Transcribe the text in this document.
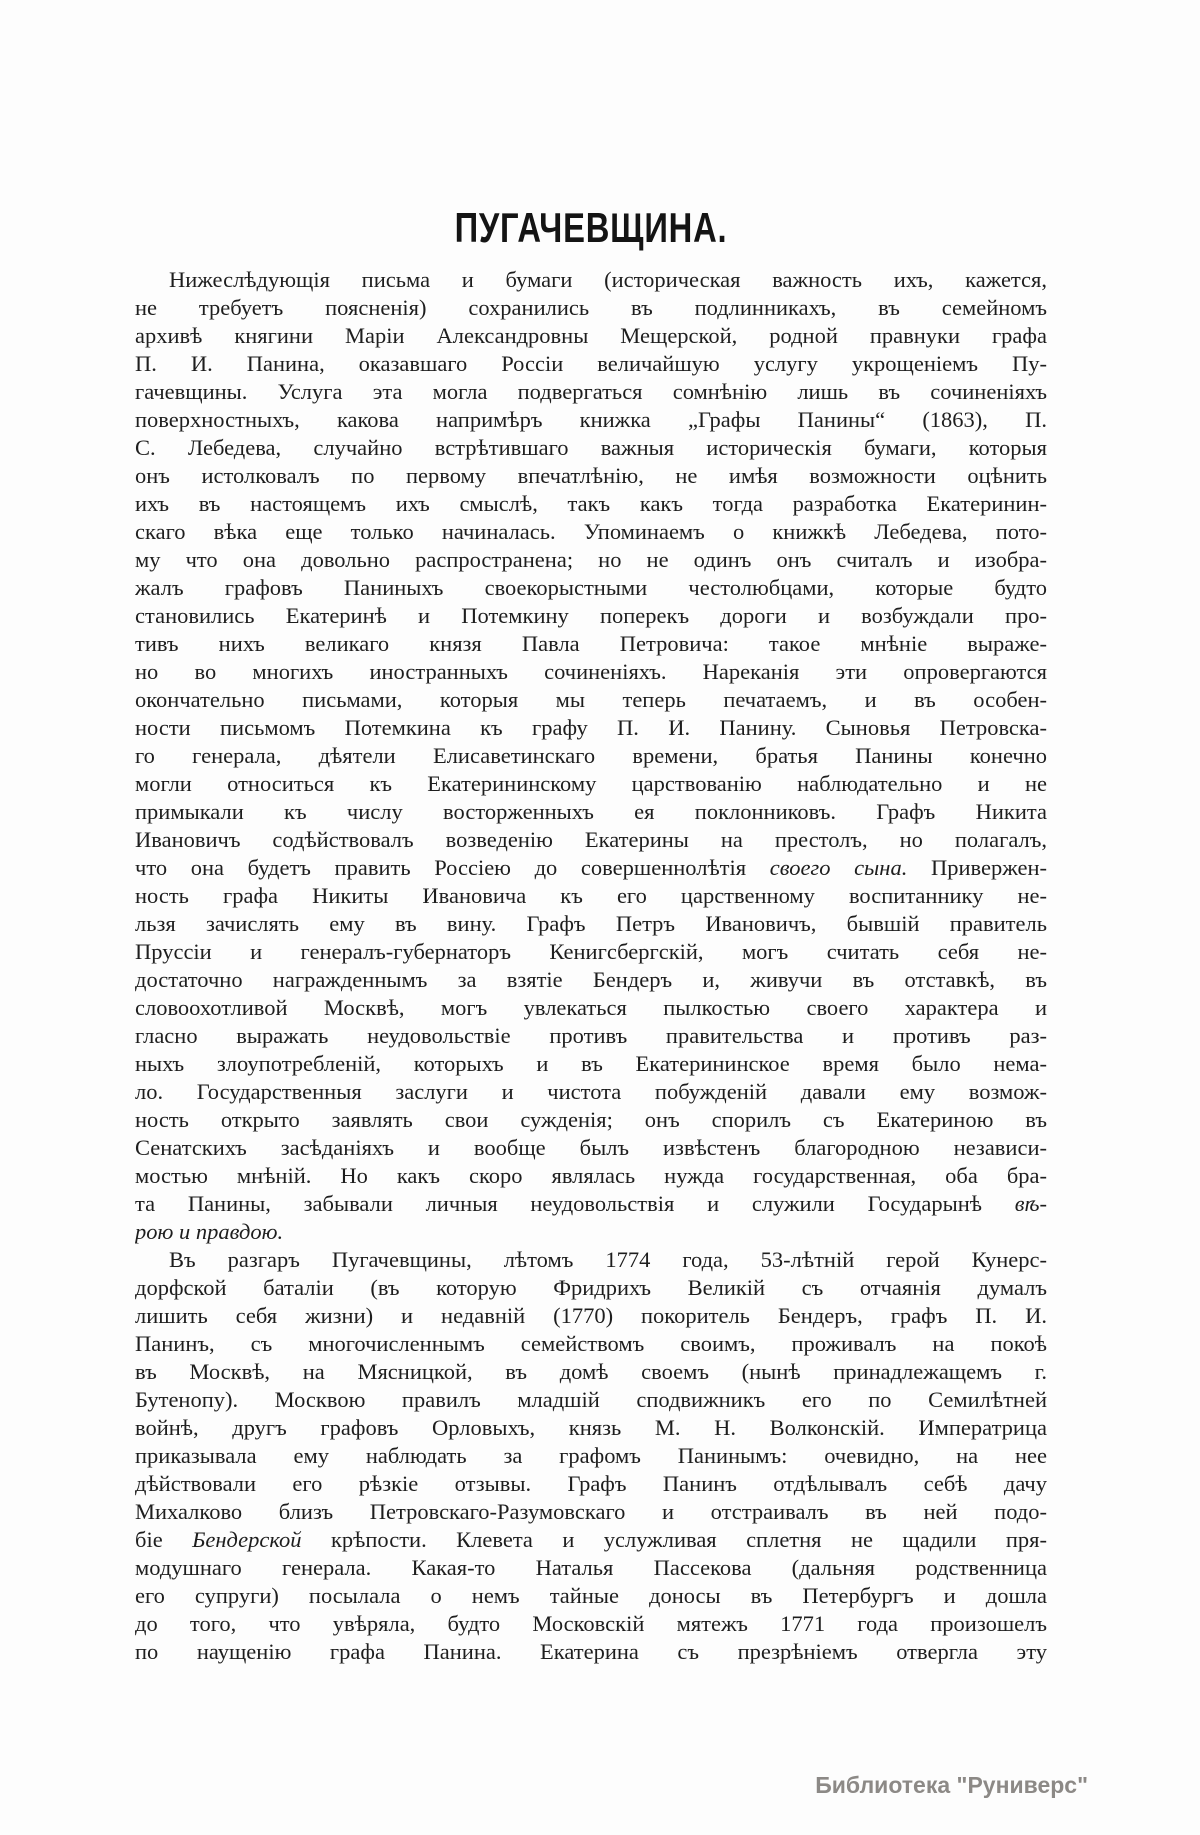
ПУГАЧЕВЩИНА.
Нижеслѣдующія письма и бумаги (историческая важность ихъ, кажется,
не требуетъ поясненія) сохранились въ подлинникахъ, въ семейномъ
архивѣ княгини Маріи Александровны Мещерской, родной правнуки графа
П. И. Панина, оказавшаго Россіи величайшую услугу укрощеніемъ Пу-
гачевщины. Услуга эта могла подвергаться сомнѣнію лишь въ сочиненіяхъ
поверхностныхъ, какова напримѣръ книжка „Графы Панины“ (1863), П.
С. Лебедева, случайно встрѣтившаго важныя историческія бумаги, которыя
онъ истолковалъ по первому впечатлѣнію, не имѣя возможности оцѣнить
ихъ въ настоящемъ ихъ смыслѣ, такъ какъ тогда разработка Екатеринин-
скаго вѣка еще только начиналась. Упоминаемъ о книжкѣ Лебедева, пото-
му что она довольно распространена; но не одинъ онъ считалъ и изобра-
жалъ графовъ Паниныхъ своекорыстными честолюбцами, которые будто
становились Екатеринѣ и Потемкину поперекъ дороги и возбуждали про-
тивъ нихъ великаго князя Павла Петровича: такое мнѣніе выраже-
но во многихъ иностранныхъ сочиненіяхъ. Нареканія эти опровергаются
окончательно письмами, которыя мы теперь печатаемъ, и въ особен-
ности письмомъ Потемкина къ графу П. И. Панину. Сыновья Петровска-
го генерала, дѣятели Елисаветинскаго времени, братья Панины конечно
могли относиться къ Екатерининскому царствованію наблюдательно и не
примыкали къ числу восторженныхъ ея поклонниковъ. Графъ Никита
Ивановичъ содѣйствовалъ возведенію Екатерины на престолъ, но полагалъ,
что она будетъ править Россіею до совершеннолѣтія своего сына. Привержен-
ность графа Никиты Ивановича къ его царственному воспитаннику не-
льзя зачислять ему въ вину. Графъ Петръ Ивановичъ, бывшій правитель
Пруссіи и генералъ-губернаторъ Кенигсбергскій, могъ считать себя не-
достаточно награжденнымъ за взятіе Бендеръ и, живучи въ отставкѣ, въ
словоохотливой Москвѣ, могъ увлекаться пылкостью своего характера и
гласно выражать неудовольствіе противъ правительства и противъ раз-
ныхъ злоупотребленій, которыхъ и въ Екатерининское время было нема-
ло. Государственныя заслуги и чистота побужденій давали ему возмож-
ность открыто заявлять свои сужденія; онъ спорилъ съ Екатериною въ
Сенатскихъ засѣданіяхъ и вообще былъ извѣстенъ благородною независи-
мостью мнѣній. Но какъ скоро являлась нужда государственная, оба бра-
та Панины, забывали личныя неудовольствія и служили Государынѣ вѣ-
рою и правдою.
Въ разгаръ Пугачевщины, лѣтомъ 1774 года, 53-лѣтній герой Кунерс-
дорфской баталіи (въ которую Фридрихъ Великій съ отчаянія думалъ
лишить себя жизни) и недавній (1770) покоритель Бендеръ, графъ П. И.
Панинъ, съ многочисленнымъ семействомъ своимъ, проживалъ на покоѣ
въ Москвѣ, на Мясницкой, въ домѣ своемъ (нынѣ принадлежащемъ г.
Бутенопу). Москвою правилъ младшій сподвижникъ его по Семилѣтней
войнѣ, другъ графовъ Орловыхъ, князь М. Н. Волконскій. Императрица
приказывала ему наблюдать за графомъ Панинымъ: очевидно, на нее
дѣйствовали его рѣзкіе отзывы. Графъ Панинъ отдѣлывалъ себѣ дачу
Михалково близъ Петровскаго-Разумовскаго и отстраивалъ въ ней подо-
біе Бендерской крѣпости. Клевета и услужливая сплетня не щадили пря-
модушнаго генерала. Какая-то Наталья Пассекова (дальняя родственница
его супруги) посылала о немъ тайные доносы въ Петербургъ и дошла
до того, что увѣряла, будто Московскій мятежъ 1771 года произошелъ
по наущенію графа Панина. Екатерина съ презрѣніемъ отвергла эту
Библиотека "Руниверс"
